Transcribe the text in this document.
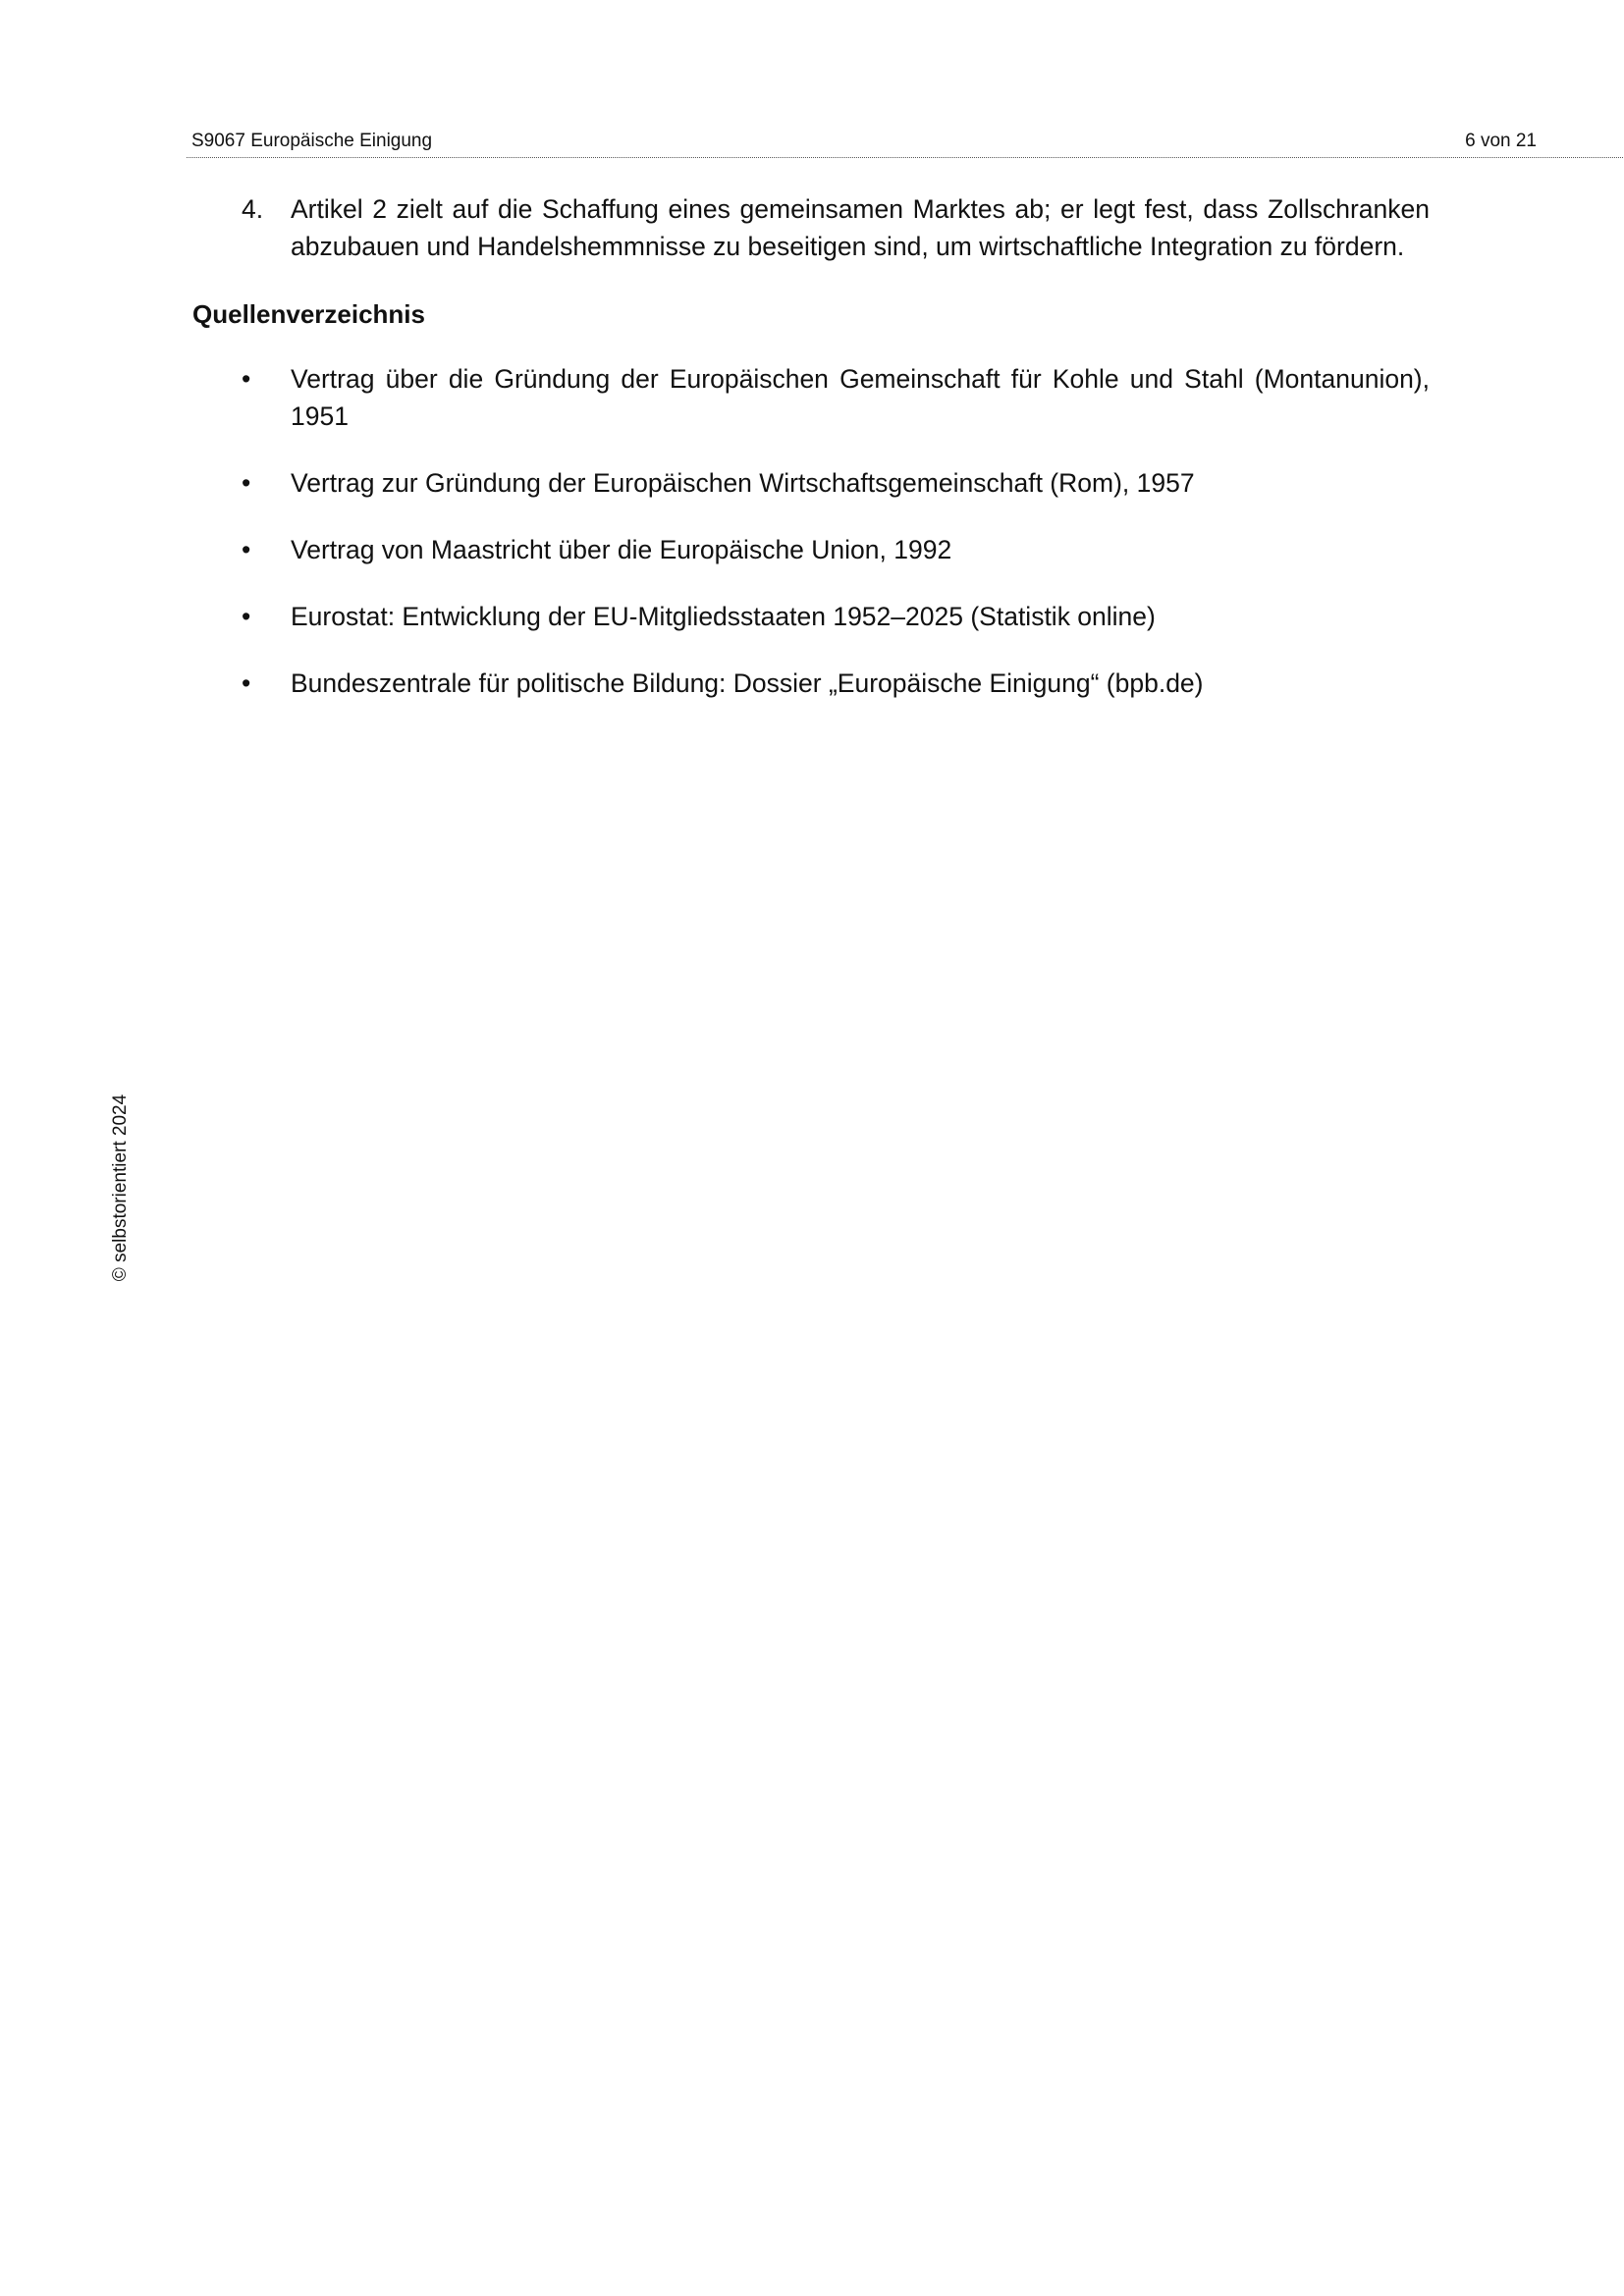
S9067 Europäische Einigung	6 von 21
4. Artikel 2 zielt auf die Schaffung eines gemeinsamen Marktes ab; er legt fest, dass Zollschranken abzubauen und Handelshemmnisse zu beseitigen sind, um wirtschaftliche Integration zu fördern.
Quellenverzeichnis
•	Vertrag über die Gründung der Europäischen Gemeinschaft für Kohle und Stahl (Montanunion), 1951
•	Vertrag zur Gründung der Europäischen Wirtschaftsgemeinschaft (Rom), 1957
•	Vertrag von Maastricht über die Europäische Union, 1992
•	Eurostat: Entwicklung der EU-Mitgliedsstaaten 1952–2025 (Statistik online)
•	Bundeszentrale für politische Bildung: Dossier „Europäische Einigung“ (bpb.de)
© selbstorientiert 2024
